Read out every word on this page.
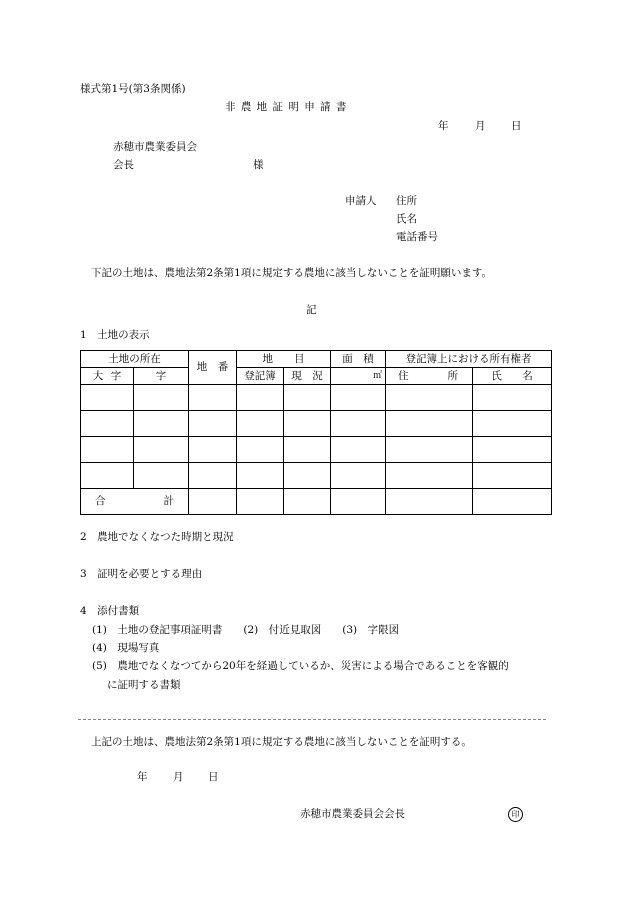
様式第1号(第3条関係)
非 農 地 証 明 申 請 書
年	月 日
赤穂市農業委員会
会長	様
申請人 住所
氏名
電話番号
下記の土地は、農地法第2条第1項に規定する農地に該当しないことを証明願います。
記
1　土地の表示
土地の所在		地　番	地　　目		面　積	登記簿上における所有権者	

大 字	字		登記簿	現　況	㎡	住 所	氏 名

合 計							

2　農地でなくなつた時期と現況
3　証明を必要とする理由
4　添付書類
(1)　土地の登記事項証明書　　(2)　付近見取図　　(3)　字限図
(4)　現場写真
(5)　農地でなくなつてから20年を経過しているか、災害による場合であることを客観的
に証明する書類
上記の土地は、農地法第2条第1項に規定する農地に該当しないことを証明する。
年 月 日
赤穂市農業委員会会長	印
